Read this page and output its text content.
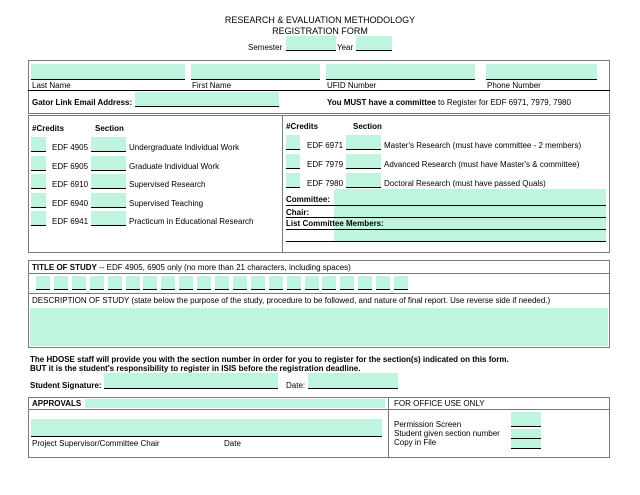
RESEARCH & EVALUATION METHODOLOGY
REGISTRATION FORM
Semester	Year
Last Name	First Name	UFID Number	Phone Number
Gator Link Email Address:	You MUST have a committee to Register for EDF 6971, 7979, 7980
#Credits	Section
EDF 4905	Undergraduate Individual Work
EDF 6905	Graduate Individual Work
EDF 6910	Supervised Research
EDF 6940	Supervised Teaching
EDF 6941	Practicum in Educational Research
#Credits	Section
EDF 6971	Master's Research (must have committee - 2 members)
EDF 7979	Advanced Research (must have Master's & committee)
EDF 7980	Doctoral Research (must have passed Quals)
Committee:
Chair:
List Committee Members:
TITLE OF STUDY -- EDF 4905, 6905 only (no more than 21 characters, including spaces)
DESCRIPTION OF STUDY (state below the purpose of the study, procedure to be followed, and nature of final report. Use reverse side if needed.)
The HDOSE staff will provide you with the section number in order for you to register for the section(s) indicated on this form.
BUT it is the student's responsibility to register in ISIS before the registration deadline.
Student Signature:	Date:
APPROVALS
Project Supervisor/Committee Chair	Date
FOR OFFICE USE ONLY
Permission Screen
Student given section number
Copy in File
